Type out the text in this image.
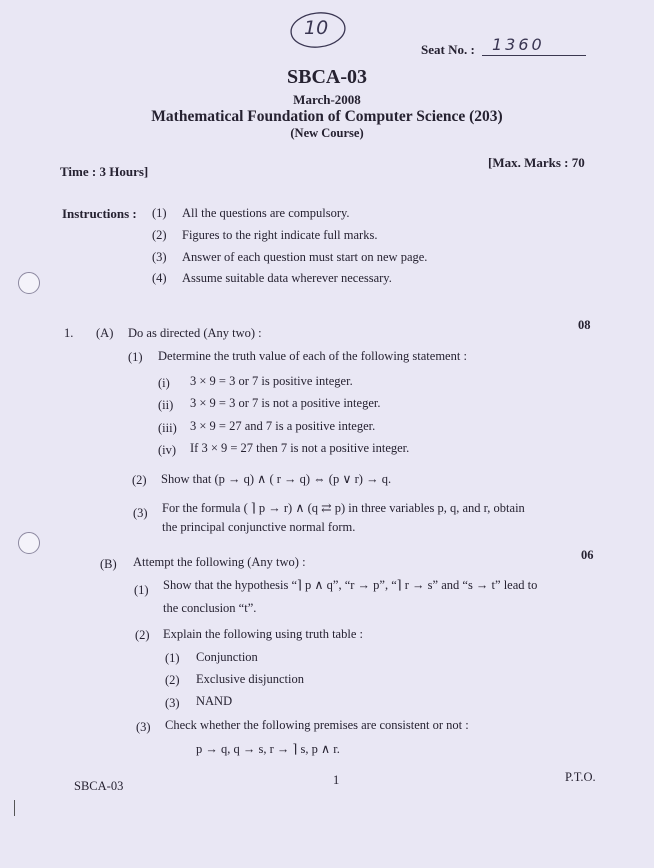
10
Seat No. : 1360
SBCA-03
March-2008
Mathematical Foundation of Computer Science (203)
(New Course)
Time : 3 Hours]
[Max. Marks : 70
Instructions : (1) All the questions are compulsory.
(2) Figures to the right indicate full marks.
(3) Answer of each question must start on new page.
(4) Assume suitable data wherever necessary.
1. (A) Do as directed (Any two) :
08
(1) Determine the truth value of each of the following statement :
(i) 3 × 9 = 3 or 7 is positive integer.
(ii) 3 × 9 = 3 or 7 is not a positive integer.
(iii) 3 × 9 = 27 and 7 is a positive integer.
(iv) If 3 × 9 = 27 then 7 is not a positive integer.
(2) Show that (p → q) ∧ ( r → q) ⇔ (p ∨ r) → q.
(3) For the formula ( ⌉ p → r) ∧ (q ⇄ p) in three variables p, q, and r, obtain
the principal conjunctive normal form.
(B) Attempt the following (Any two) :	06
(1) Show that the hypothesis “⌉ p ∧ q”, “r → p”, “⌉ r → s” and “s → t” lead to
the conclusion “t”.
(2) Explain the following using truth table :
(1) Conjunction
(2) Exclusive disjunction
(3) NAND
(3) Check whether the following premises are consistent or not :
p → q, q → s, r → ⌉ s, p ∧ r.
SBCA-03	1	P.T.O.
